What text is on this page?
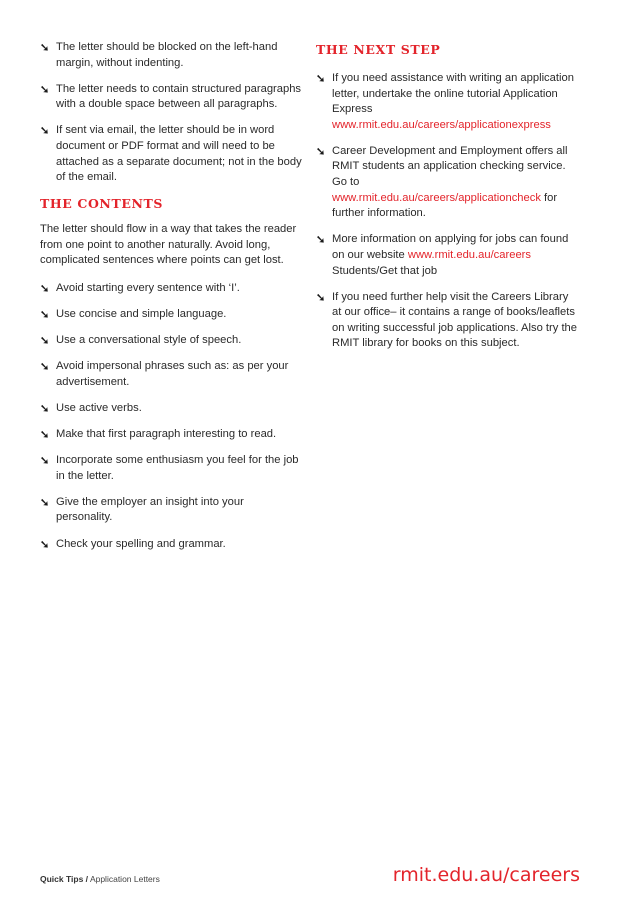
➘ The letter should be blocked on the left-hand margin, without indenting.
➘ The letter needs to contain structured paragraphs with a double space between all paragraphs.
➘ If sent via email, the letter should be in word document or PDF format and will need to be attached as a separate document; not in the body of the email.
THE CONTENTS

The letter should flow in a way that takes the reader from one point to another naturally. Avoid long, complicated sentences where points can get lost.

➘ Avoid starting every sentence with ‘I’.
➘ Use concise and simple language.
➘ Use a conversational style of speech.
➘ Avoid impersonal phrases such as: as per your advertisement.
➘ Use active verbs.
➘ Make that first paragraph interesting to read.
➘ Incorporate some enthusiasm you feel for the job in the letter.
➘ Give the employer an insight into your personality.
➘ Check your spelling and grammar.
THE NEXT STEP
➘ If you need assistance with writing an application letter, undertake the online tutorial Application Express
www.rmit.edu.au/careers/applicationexpress
➘ Career Development and Employment offers all RMIT students an application checking service. Go to
www.rmit.edu.au/careers/applicationcheck for further information.
➘ More information on applying for jobs can found on our website www.rmit.edu.au/careers Students/Get that job
➘ If you need further help visit the Careers Library at our office– it contains a range of books/leaflets on writing successful job applications. Also try the RMIT library for books on this subject.
Quick Tips / Application Letters	rmit.edu.au/careers
